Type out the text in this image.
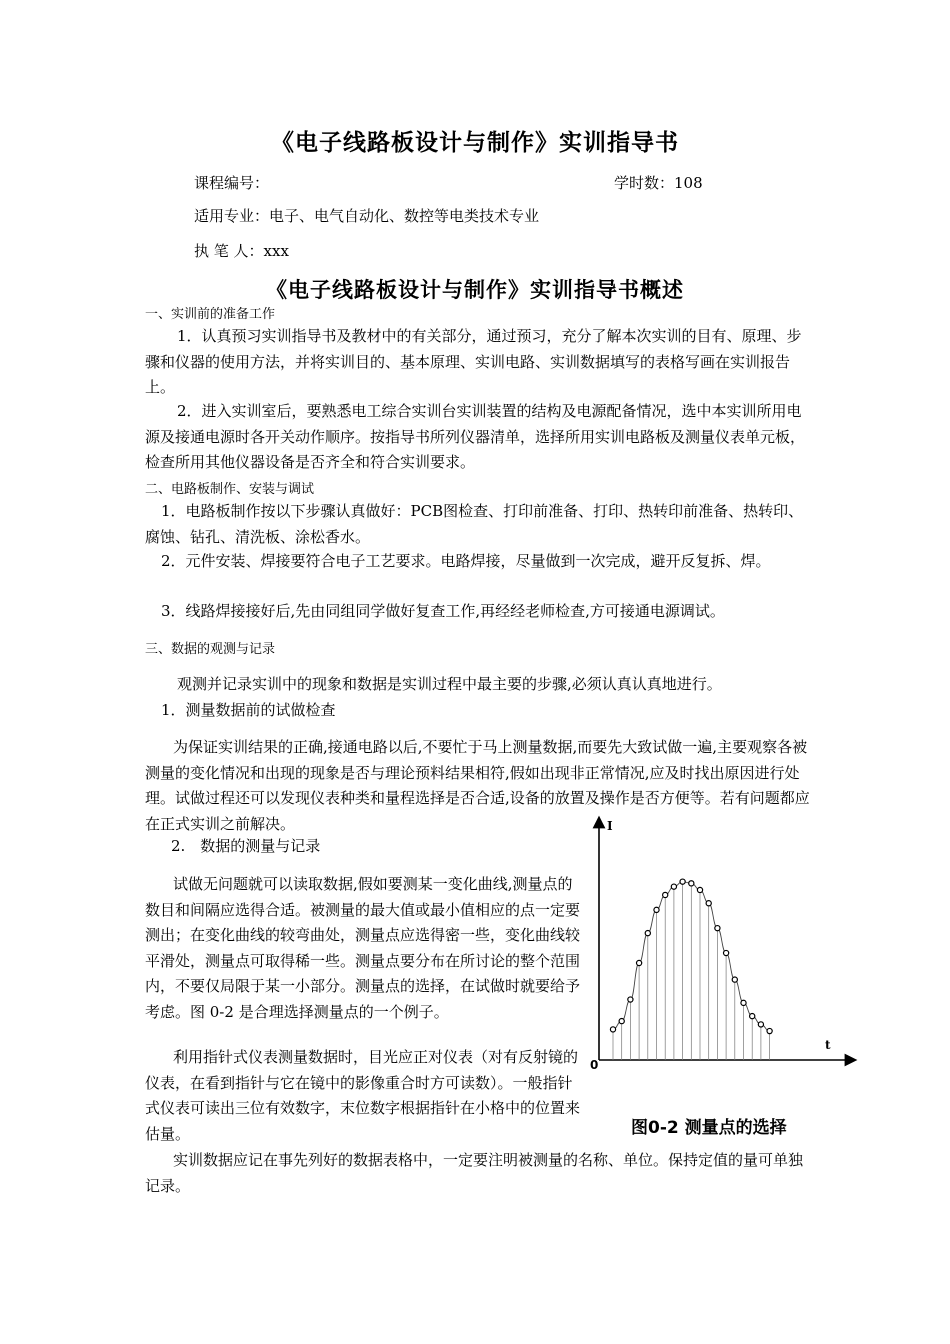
《电子线路板设计与制作》实训指导书
课程编号：	学时数：108
适用专业：电子、电气自动化、数控等电类技术专业
执 笔 人：xxx
《电子线路板设计与制作》实训指导书概述
一、实训前的准备工作
1．认真预习实训指导书及教材中的有关部分，通过预习，充分了解本次实训的目有、原理、步骤和仪器的使用方法，并将实训目的、基本原理、实训电路、实训数据填写的表格写画在实训报告上。
2．进入实训室后，要熟悉电工综合实训台实训装置的结构及电源配备情况，选中本实训所用电源及接通电源时各开关动作顺序。按指导书所列仪器清单，选择所用实训电路板及测量仪表单元板，检查所用其他仪器设备是否齐全和符合实训要求。
二、电路板制作、安装与调试
1．电路板制作按以下步骤认真做好：PCB图检查、打印前准备、打印、热转印前准备、热转印、腐蚀、钻孔、清洗板、涂松香水。
2．元件安装、焊接要符合电子工艺要求。电路焊接，尽量做到一次完成，避开反复拆、焊。
3．线路焊接接好后,先由同组同学做好复查工作,再经经老师检查,方可接通电源调试。
三、数据的观测与记录
观测并记录实训中的现象和数据是实训过程中最主要的步骤,必须认真认真地进行。
1．测量数据前的试做检查
为保证实训结果的正确,接通电路以后,不要忙于马上测量数据,而要先大致试做一遍,主要观察各被测量的变化情况和出现的现象是否与理论预料结果相符,假如出现非正常情况,应及时找出原因进行处理。试做过程还可以发现仪表种类和量程选择是否合适,设备的放置及操作是否方便等。若有问题都应在正式实训之前解决。
2.　数据的测量与记录
试做无问题就可以读取数据,假如要测某一变化曲线,测量点的数目和间隔应选得合适。被测量的最大值或最小值相应的点一定要测出；在变化曲线的较弯曲处，测量点应选得密一些，变化曲线较平滑处，测量点可取得稀一些。测量点要分布在所讨论的整个范围内，不要仅局限于某一小部分。测量点的选择，在试做时就要给予考虑。图 0-2 是合理选择测量点的一个例子。
利用指针式仪表测量数据时，目光应正对仪表（对有反射镜的仪表，在看到指针与它在镜中的影像重合时方可读数）。一般指针式仪表可读出三位有效数字，末位数字根据指针在小格中的位置来估量。
实训数据应记在事先列好的数据表格中，一定要注明被测量的名称、单位。保持定值的量可单独记录。
I
t
0
图0-2 测量点的选择
